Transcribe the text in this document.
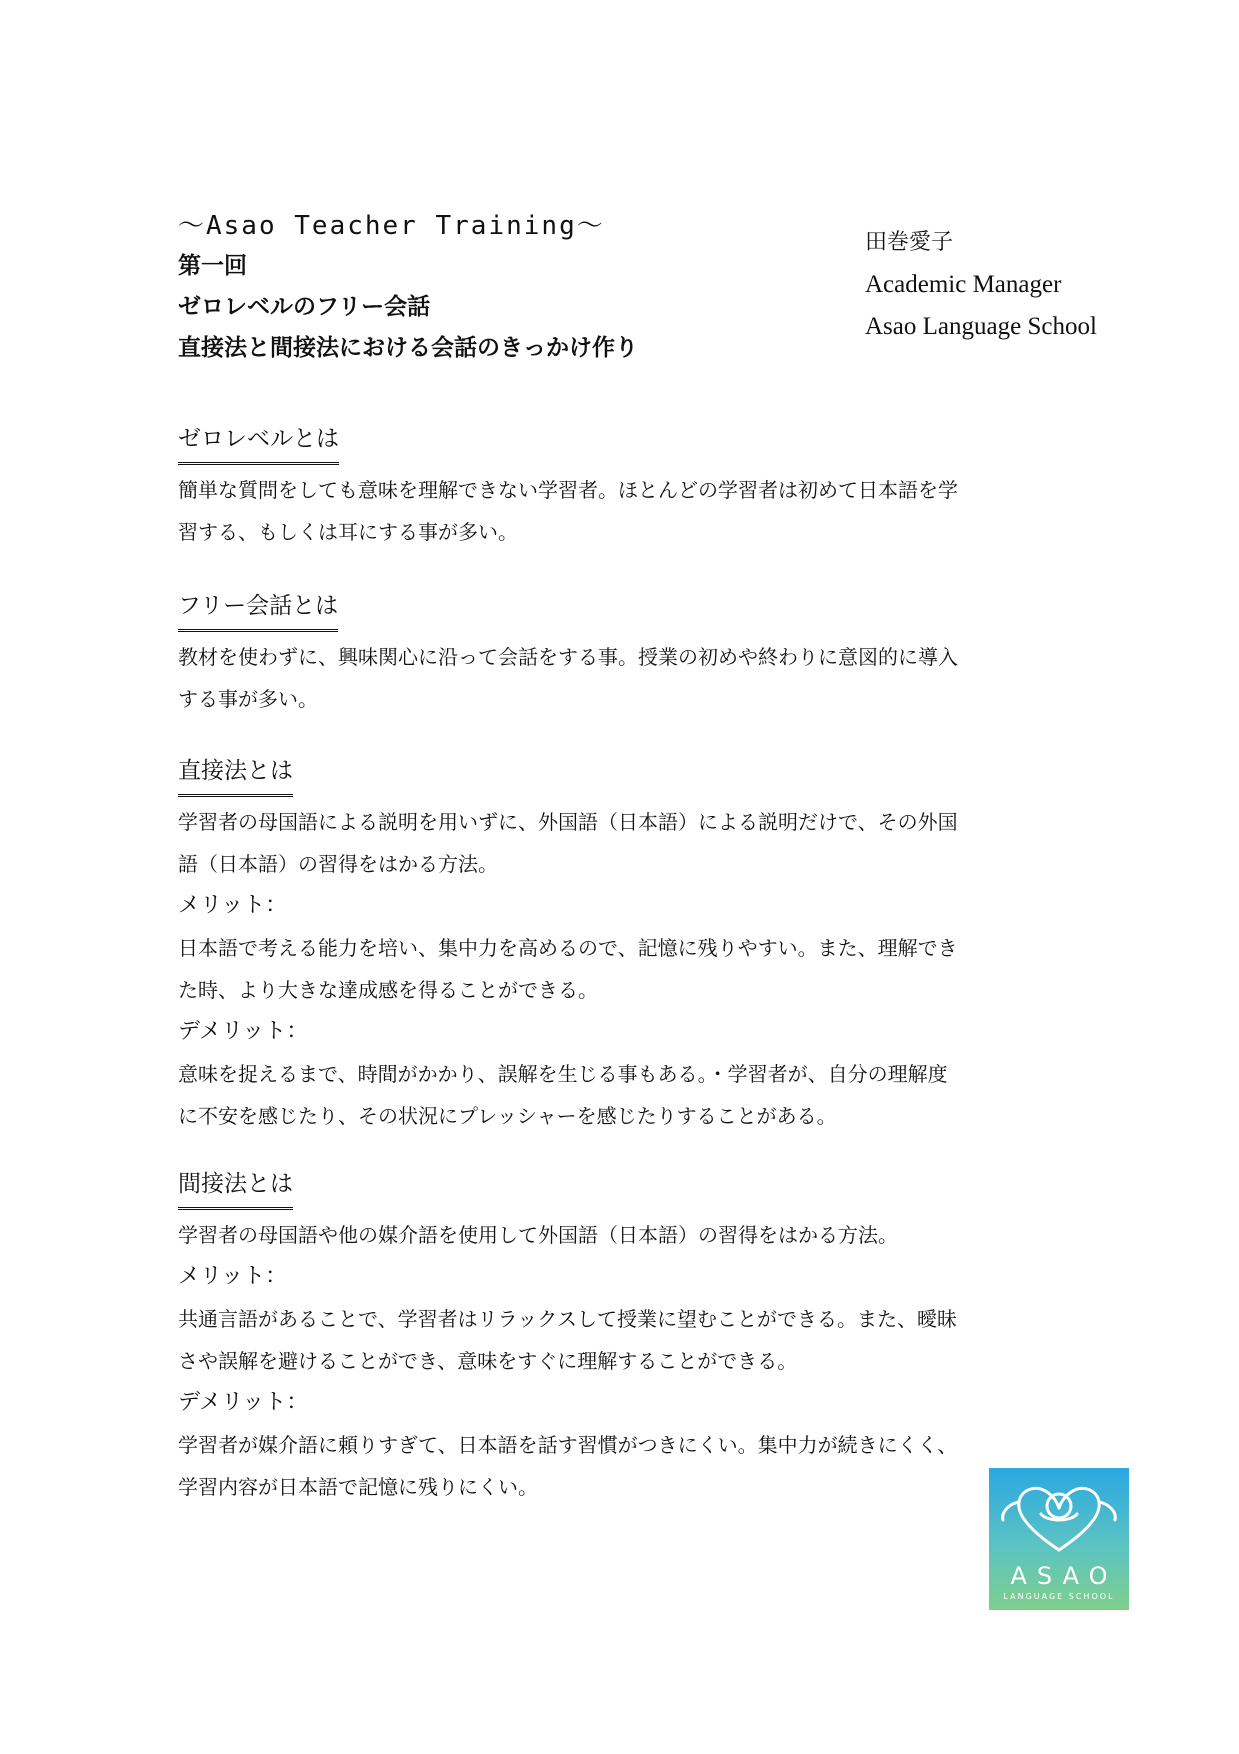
〜Asao Teacher Training〜
第一回
ゼロレベルのフリー会話
直接法と間接法における会話のきっかけ作り
田巻愛子
Academic Manager
Asao Language School
ゼロレベルとは
簡単な質問をしても意味を理解できない学習者。ほとんどの学習者は初めて日本語を学
習する、もしくは耳にする事が多い。
フリー会話とは
教材を使わずに、興味関心に沿って会話をする事。授業の初めや終わりに意図的に導入
する事が多い。
直接法とは
学習者の母国語による説明を用いずに、外国語（日本語）による説明だけで、その外国
語（日本語）の習得をはかる方法。
メリット：
日本語で考える能力を培い、集中力を高めるので、記憶に残りやすい。また、理解でき
た時、より大きな達成感を得ることができる。
デメリット：
意味を捉えるまで、時間がかかり、誤解を生じる事もある。・学習者が、自分の理解度
に不安を感じたり、その状況にプレッシャーを感じたりすることがある。
間接法とは
学習者の母国語や他の媒介語を使用して外国語（日本語）の習得をはかる方法。
メリット：
共通言語があることで、学習者はリラックスして授業に望むことができる。また、曖昧
さや誤解を避けることができ、意味をすぐに理解することができる。
デメリット：
学習者が媒介語に頼りすぎて、日本語を話す習慣がつきにくい。集中力が続きにくく、
学習内容が日本語で記憶に残りにくい。
ASAO
LANGUAGE SCHOOL
